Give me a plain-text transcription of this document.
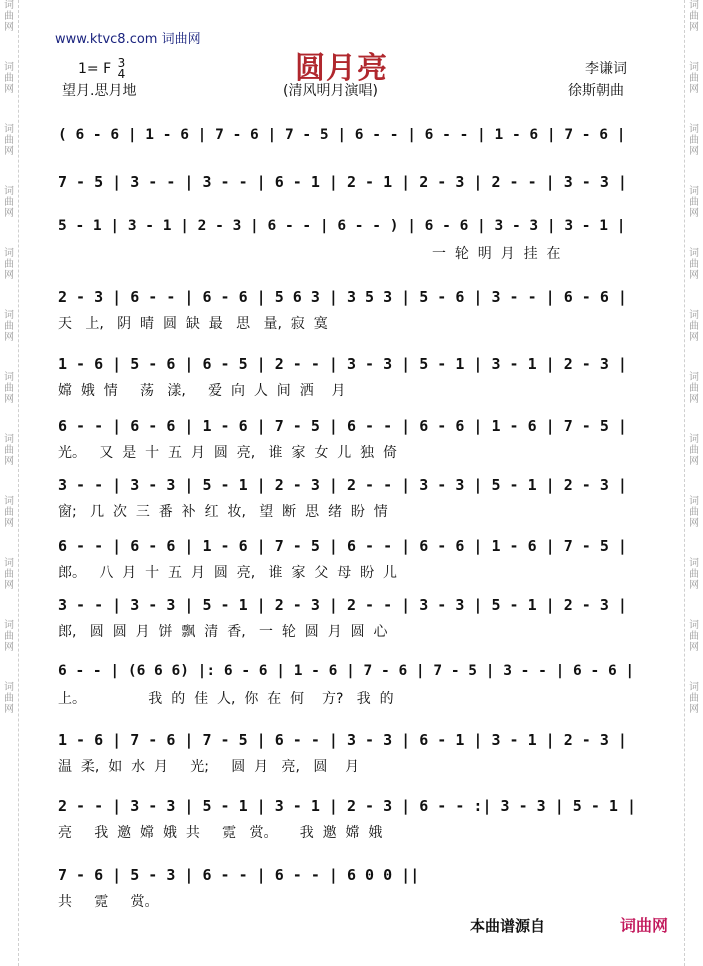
词
曲
网
词
曲
网
词
曲
网
词
曲
网
词
曲
网
词
曲
网
词
曲
网
词
曲
网
词
曲
网
词
曲
网
词
曲
网
词
曲
网
词
曲
网
词
曲
网
词
曲
网
词
曲
网
词
曲
网
词
曲
网
词
曲
网
词
曲
网
词
曲
网
词
曲
网
词
曲
网
词
曲
网
www.ktvc8.com 词曲网
圆月亮
1= F 3
4	李谦词
望月.思月地	(清风明月演唱)	徐斯朝曲
( 6 - 6 | 1 - 6 | 7 - 6 | 7 - 5 | 6 - - | 6 - - | 1 - 6 | 7 - 6 |
7 - 5 | 3 - - | 3 - - | 6 - 1 | 2 - 1 | 2 - 3 | 2 - - | 3 - 3 |
5 - 1 | 3 - 1 | 2 - 3 | 6 - - | 6 - - ) | 6 - 6 | 3 - 3 | 3 - 1 |
一  轮  明  月  挂  在
2 - 3 | 6 - - | 6 - 6 | 5 6 3 | 3 5 3 | 5 - 6 | 3 - - | 6 - 6 |
天   上,   阴  晴  圆  缺  最   思   量,  寂  寞
1 - 6 | 5 - 6 | 6 - 5 | 2 - - | 3 - 3 | 5 - 1 | 3 - 1 | 2 - 3 |
嫦  娥  情     荡   漾,     爱  向  人  间  洒    月
6 - - | 6 - 6 | 1 - 6 | 7 - 5 | 6 - - | 6 - 6 | 1 - 6 | 7 - 5 |
光。   又  是  十  五  月  圆  亮,   谁  家  女  儿  独  倚
3 - - | 3 - 3 | 5 - 1 | 2 - 3 | 2 - - | 3 - 3 | 5 - 1 | 2 - 3 |
窗;   几  次  三  番  补  红  妆,   望  断  思  绪  盼  情
6 - - | 6 - 6 | 1 - 6 | 7 - 5 | 6 - - | 6 - 6 | 1 - 6 | 7 - 5 |
郎。   八  月  十  五  月  圆  亮,   谁  家  父  母  盼  儿
3 - - | 3 - 3 | 5 - 1 | 2 - 3 | 2 - - | 3 - 3 | 5 - 1 | 2 - 3 |
郎,   圆  圆  月  饼  飘  清  香,   一  轮  圆  月  圆  心
6 - - | (6 6 6) |: 6 - 6 | 1 - 6 | 7 - 6 | 7 - 5 | 3 - - | 6 - 6 |
上。              我  的  佳  人,  你  在  何    方?   我  的
1 - 6 | 7 - 6 | 7 - 5 | 6 - - | 3 - 3 | 6 - 1 | 3 - 1 | 2 - 3 |
温  柔,  如  水  月     光;     圆  月   亮,   圆    月
2 - - | 3 - 3 | 5 - 1 | 3 - 1 | 2 - 3 | 6 - - :| 3 - 3 | 5 - 1 |
亮     我  邀  嫦  娥  共     霓   赏。     我  邀  嫦  娥
7 - 6 | 5 - 3 | 6 - - | 6 - - | 6 0 0 ||
共     霓     赏。
本曲谱源自	词曲网
